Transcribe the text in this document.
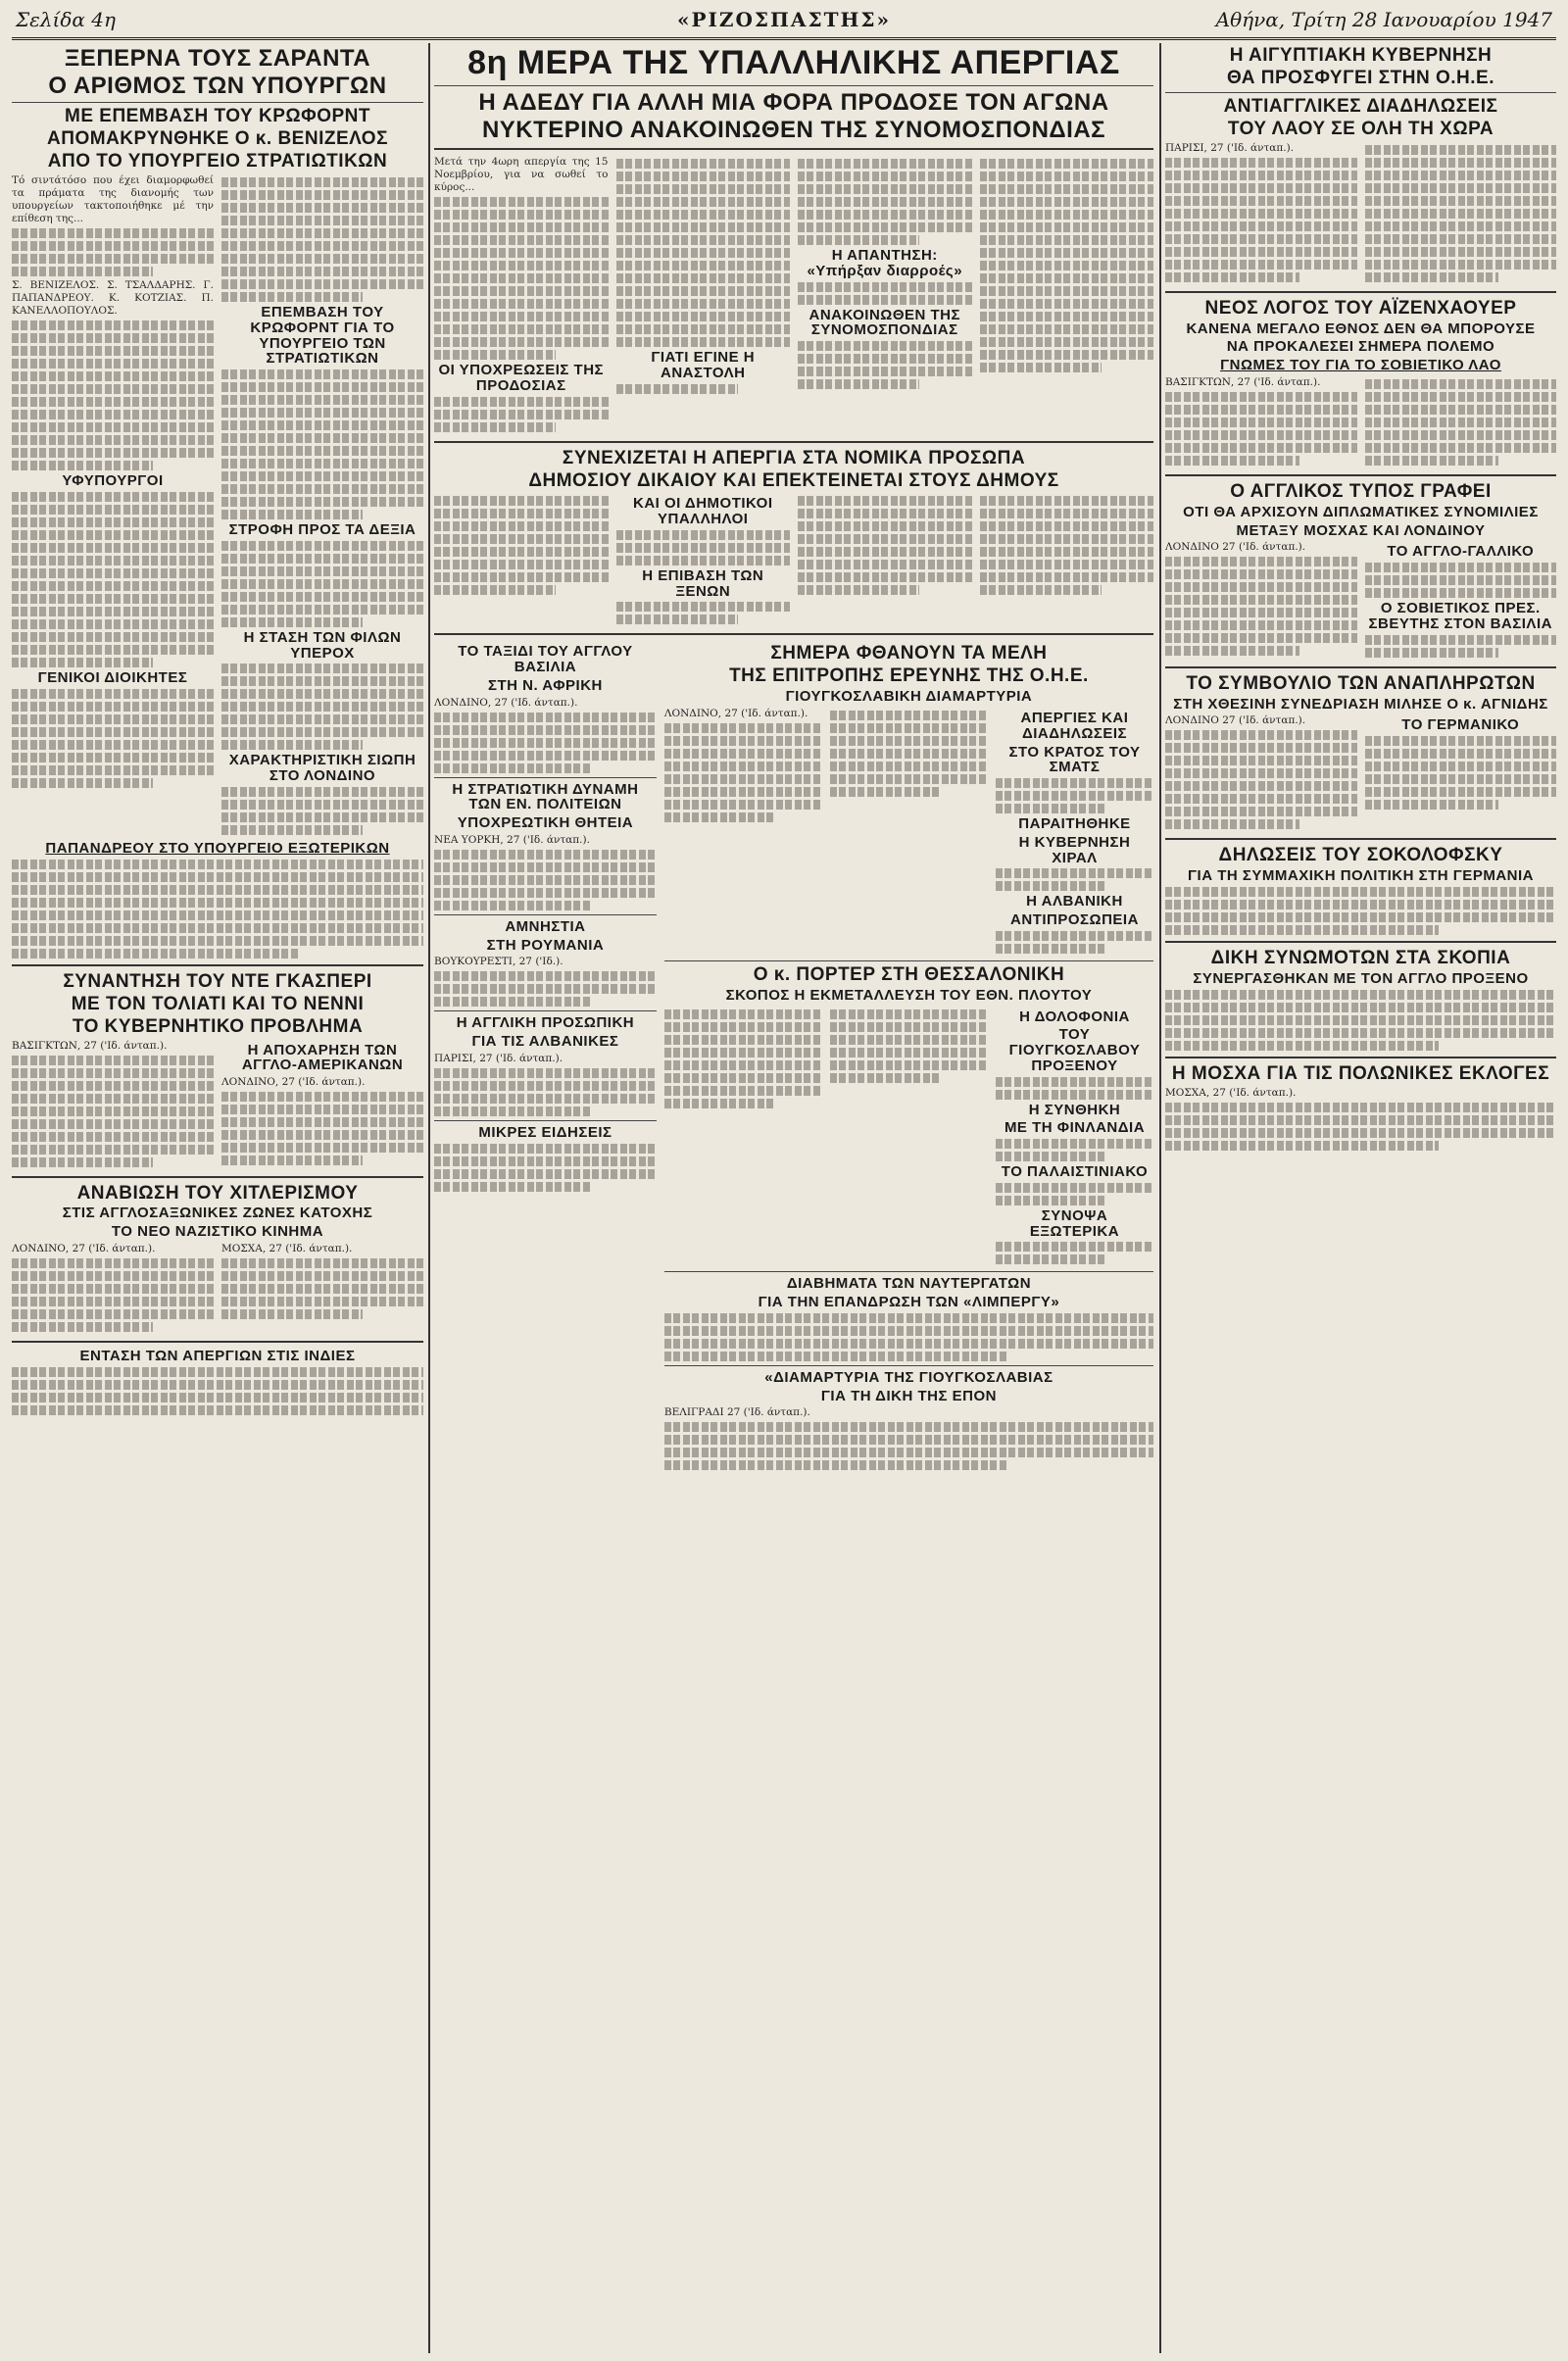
Σελίδα 4η	«ΡΙΖΟΣΠΑΣΤΗΣ»	Αθήνα, Τρίτη 28 Ιανουαρίου 1947
ΞΕΠΕΡΝΑ ΤΟΥΣ ΣΑΡΑΝΤΑ
Ο ΑΡΙΘΜΟΣ ΤΩΝ ΥΠΟΥΡΓΩΝ
ΜΕ ΕΠΕΜΒΑΣΗ ΤΟΥ ΚΡΩΦΟΡΝΤ
ΑΠΟΜΑΚΡΥΝΘΗΚΕ Ο κ. ΒΕΝΙΖΕΛΟΣ
ΑΠΟ ΤΟ ΥΠΟΥΡΓΕΙΟ ΣΤΡΑΤΙΩΤΙΚΩΝ

Τό σιντάτόσο που έχει διαμορφωθεί τα πράματα της διανομής των υπουργείων τακτοποιήθηκε μέ την επίθεση της...

Σ. ΒΕΝΙΖΕΛΟΣ. Σ. ΤΣΑΛΔΑΡΗΣ. Γ. ΠΑΠΑΝΔΡΕΟΥ. Κ. ΚΟΤΖΙΑΣ. Π. ΚΑΝΕΛΛΟΠΟΥΛΟΣ.

ΥΦΥΠΟΥΡΓΟΙ
ΓΕΝΙΚΟΙ ΔΙΟΙΚΗΤΕΣ
ΕΠΕΜΒΑΣΗ ΤΟΥ ΚΡΩΦΟΡΝΤ ΓΙΑ ΤΟ ΥΠΟΥΡΓΕΙΟ ΤΩΝ ΣΤΡΑΤΙΩΤΙΚΩΝ
ΣΤΡΟΦΗ ΠΡΟΣ ΤΑ ΔΕΞΙΑ
Η ΣΤΑΣΗ ΤΩΝ ΦΙΛΩΝ ΥΠΕΡΟΧ
ΧΑΡΑΚΤΗΡΙΣΤΙΚΗ ΣΙΩΠΗ ΣΤΟ ΛΟΝΔΙΝΟ
ΠΑΠΑΝΔΡΕΟΥ ΣΤΟ ΥΠΟΥΡΓΕΙΟ ΕΞΩΤΕΡΙΚΩΝ
ΣΥΝΑΝΤΗΣΗ ΤΟΥ ΝΤΕ ΓΚΑΣΠΕΡΙ
ΜΕ ΤΟΝ ΤΟΛΙΑΤΙ ΚΑΙ ΤΟ ΝΕΝΝΙ
ΤΟ ΚΥΒΕΡΝΗΤΙΚΟ ΠΡΟΒΛΗΜΑ

ΒΑΣΙΓΚΤΩΝ, 27 ('Ιδ. άνταπ.).	Η ΑΠΟΧΑΡΗΣΗ ΤΩΝ ΑΓΓΛΟ-ΑΜΕΡΙΚΑΝΩΝ

ΛΟΝΔΙΝΟ, 27 ('Ιδ. άνταπ.).

ΑΝΑΒΙΩΣΗ ΤΟΥ ΧΙΤΛΕΡΙΣΜΟΥ
ΣΤΙΣ ΑΓΓΛΟΣΑΞΩΝΙΚΕΣ ΖΩΝΕΣ ΚΑΤΟΧΗΣ
ΤΟ ΝΕΟ ΝΑΖΙΣΤΙΚΟ ΚΙΝΗΜΑ

ΛΟΝΔΙΝΟ, 27 ('Ιδ. άνταπ.).	ΜΟΣΧΑ, 27 ('Ιδ. άνταπ.).

ΕΝΤΑΣΗ ΤΩΝ ΑΠΕΡΓΙΩΝ ΣΤΙΣ ΙΝΔΙΕΣ
8η ΜΕΡΑ ΤΗΣ ΥΠΑΛΛΗΛΙΚΗΣ ΑΠΕΡΓΙΑΣ
Η ΑΔΕΔΥ ΓΙΑ ΑΛΛΗ ΜΙΑ ΦΟΡΑ ΠΡΟΔΟΣΕ ΤΟΝ ΑΓΩΝΑ
ΝΥΚΤΕΡΙΝΟ ΑΝΑΚΟΙΝΩΘΕΝ ΤΗΣ ΣΥΝΟΜΟΣΠΟΝΔΙΑΣ

Μετά την 4ωρη απεργία της 15 Νοεμβρίου, για να σωθεί το κύρος...

ΟΙ ΥΠΟΧΡΕΩΣΕΙΣ ΤΗΣ ΠΡΟΔΟΣΙΑΣ
ΓΙΑΤΙ ΕΓΙΝΕ Η ΑΝΑΣΤΟΛΗ
Η ΑΠΑΝΤΗΣΗ: «Υπήρξαν διαρροές»
ΑΝΑΚΟΙΝΩΘΕΝ ΤΗΣ ΣΥΝΟΜΟΣΠΟΝΔΙΑΣ
ΣΥΝΕΧΙΖΕΤΑΙ Η ΑΠΕΡΓΙΑ ΣΤΑ ΝΟΜΙΚΑ ΠΡΟΣΩΠΑ
ΔΗΜΟΣΙΟΥ ΔΙΚΑΙΟΥ ΚΑΙ ΕΠΕΚΤΕΙΝΕΤΑΙ ΣΤΟΥΣ ΔΗΜΟΥΣ
ΚΑΙ ΟΙ ΔΗΜΟΤΙΚΟΙ ΥΠΑΛΛΗΛΟΙ
Η ΕΠΙΒΑΣΗ ΤΩΝ ΞΕΝΩΝ
ΤΟ ΤΑΞΙΔΙ ΤΟΥ ΑΓΓΛΟΥ ΒΑΣΙΛΙΑ
ΣΤΗ Ν. ΑΦΡΙΚΗ

ΛΟΝΔΙΝΟ, 27 ('Ιδ. άνταπ.).

Η ΣΤΡΑΤΙΩΤΙΚΗ ΔΥΝΑΜΗ ΤΩΝ ΕΝ. ΠΟΛΙΤΕΙΩΝ
ΥΠΟΧΡΕΩΤΙΚΗ ΘΗΤΕΙΑ

ΝΕΑ ΥΟΡΚΗ, 27 ('Ιδ. άνταπ.).

ΑΜΝΗΣΤΙΑ
ΣΤΗ ΡΟΥΜΑΝΙΑ

ΒΟΥΚΟΥΡΕΣΤΙ, 27 ('Ιδ.).

Η ΑΓΓΛΙΚΗ ΠΡΟΣΩΠΙΚΗ
ΓΙΑ ΤΙΣ ΑΛΒΑΝΙΚΕΣ

ΠΑΡΙΣΙ, 27 ('Ιδ. άνταπ.).

ΜΙΚΡΕΣ ΕΙΔΗΣΕΙΣ
ΣΗΜΕΡΑ ΦΘΑΝΟΥΝ ΤΑ ΜΕΛΗ
ΤΗΣ ΕΠΙΤΡΟΠΗΣ ΕΡΕΥΝΗΣ ΤΗΣ Ο.Η.Ε.
ΓΙΟΥΓΚΟΣΛΑΒΙΚΗ ΔΙΑΜΑΡΤΥΡΙΑ

ΛΟΝΔΙΝΟ, 27 ('Ιδ. άνταπ.).	ΑΠΕΡΓΙΕΣ ΚΑΙ ΔΙΑΔΗΛΩΣΕΙΣ
ΣΤΟ ΚΡΑΤΟΣ ΤΟΥ ΣΜΑΤΣ
ΠΑΡΑΙΤΗΘΗΚΕ
Η ΚΥΒΕΡΝΗΣΗ ΧΙΡΑΛ
Η ΑΛΒΑΝΙΚΗ
ΑΝΤΙΠΡΟΣΩΠΕΙΑ
Ο κ. ΠΟΡΤΕΡ ΣΤΗ ΘΕΣΣΑΛΟΝΙΚΗ
ΣΚΟΠΟΣ Η ΕΚΜΕΤΑΛΛΕΥΣΗ ΤΟΥ ΕΘΝ. ΠΛΟΥΤΟΥ
Η ΔΟΛΟΦΟΝΙΑ
ΤΟΥ ΓΙΟΥΓΚΟΣΛΑΒΟΥ ΠΡΟΞΕΝΟΥ
Η ΣΥΝΘΗΚΗ
ΜΕ ΤΗ ΦΙΝΛΑΝΔΙΑ
ΤΟ ΠΑΛΑΙΣΤΙΝΙΑΚΟ
ΣΥΝΟΨΑ ΕΞΩΤΕΡΙΚΑ
ΔΙΑΒΗΜΑΤΑ ΤΩΝ ΝΑΥΤΕΡΓΑΤΩΝ
ΓΙΑ ΤΗΝ ΕΠΑΝΔΡΩΣΗ ΤΩΝ «ΛΙΜΠΕΡΓΥ»
«ΔΙΑΜΑΡΤΥΡΙΑ ΤΗΣ ΓΙΟΥΓΚΟΣΛΑΒΙΑΣ
ΓΙΑ ΤΗ ΔΙΚΗ ΤΗΣ ΕΠΟΝ

ΒΕΛΙΓΡΑΔΙ 27 ('Ιδ. άνταπ.).

Η ΑΙΓΥΠΤΙΑΚΗ ΚΥΒΕΡΝΗΣΗ
ΘΑ ΠΡΟΣΦΥΓΕΙ ΣΤΗΝ Ο.Η.Ε.
ΑΝΤΙΑΓΓΛΙΚΕΣ ΔΙΑΔΗΛΩΣΕΙΣ
ΤΟΥ ΛΑΟΥ ΣΕ ΟΛΗ ΤΗ ΧΩΡΑ

ΠΑΡΙΣΙ, 27 ('Ιδ. άνταπ.).

ΝΕΟΣ ΛΟΓΟΣ ΤΟΥ ΑΪΖΕΝΧΑΟΥΕΡ
ΚΑΝΕΝΑ ΜΕΓΑΛΟ ΕΘΝΟΣ ΔΕΝ ΘΑ ΜΠΟΡΟΥΣΕ
ΝΑ ΠΡΟΚΑΛΕΣΕΙ ΣΗΜΕΡΑ ΠΟΛΕΜΟ
ΓΝΩΜΕΣ ΤΟΥ ΓΙΑ ΤΟ ΣΟΒΙΕΤΙΚΟ ΛΑΟ

ΒΑΣΙΓΚΤΩΝ, 27 ('Ιδ. άνταπ.).

Ο ΑΓΓΛΙΚΟΣ ΤΥΠΟΣ ΓΡΑΦΕΙ
ΟΤΙ ΘΑ ΑΡΧΙΣΟΥΝ ΔΙΠΛΩΜΑΤΙΚΕΣ ΣΥΝΟΜΙΛΙΕΣ
ΜΕΤΑΞΥ ΜΟΣΧΑΣ ΚΑΙ ΛΟΝΔΙΝΟΥ

ΛΟΝΔΙΝΟ 27 ('Ιδ. άνταπ.).	ΤΟ ΑΓΓΛΟ-ΓΑΛΛΙΚΟ
Ο ΣΟΒΙΕΤΙΚΟΣ ΠΡΕΣ. ΣΒΕΥΤΗΣ ΣΤΟΝ ΒΑΣΙΛΙΑ
ΤΟ ΣΥΜΒΟΥΛΙΟ ΤΩΝ ΑΝΑΠΛΗΡΩΤΩΝ
ΣΤΗ ΧΘΕΣΙΝΗ ΣΥΝΕΔΡΙΑΣΗ ΜΙΛΗΣΕ Ο κ. ΑΓΝΙΔΗΣ

ΛΟΝΔΙΝΟ 27 ('Ιδ. άνταπ.).	ΤΟ ΓΕΡΜΑΝΙΚΟ
ΔΗΛΩΣΕΙΣ ΤΟΥ ΣΟΚΟΛΟΦΣΚΥ
ΓΙΑ ΤΗ ΣΥΜΜΑΧΙΚΗ ΠΟΛΙΤΙΚΗ ΣΤΗ ΓΕΡΜΑΝΙΑ
ΔΙΚΗ ΣΥΝΩΜΟΤΩΝ ΣΤΑ ΣΚΟΠΙΑ
ΣΥΝΕΡΓΑΣΘΗΚΑΝ ΜΕ ΤΟΝ ΑΓΓΛΟ ΠΡΟΞΕΝΟ
Η ΜΟΣΧΑ ΓΙΑ ΤΙΣ ΠΟΛΩΝΙΚΕΣ ΕΚΛΟΓΕΣ

ΜΟΣΧΑ, 27 ('Ιδ. άνταπ.).
